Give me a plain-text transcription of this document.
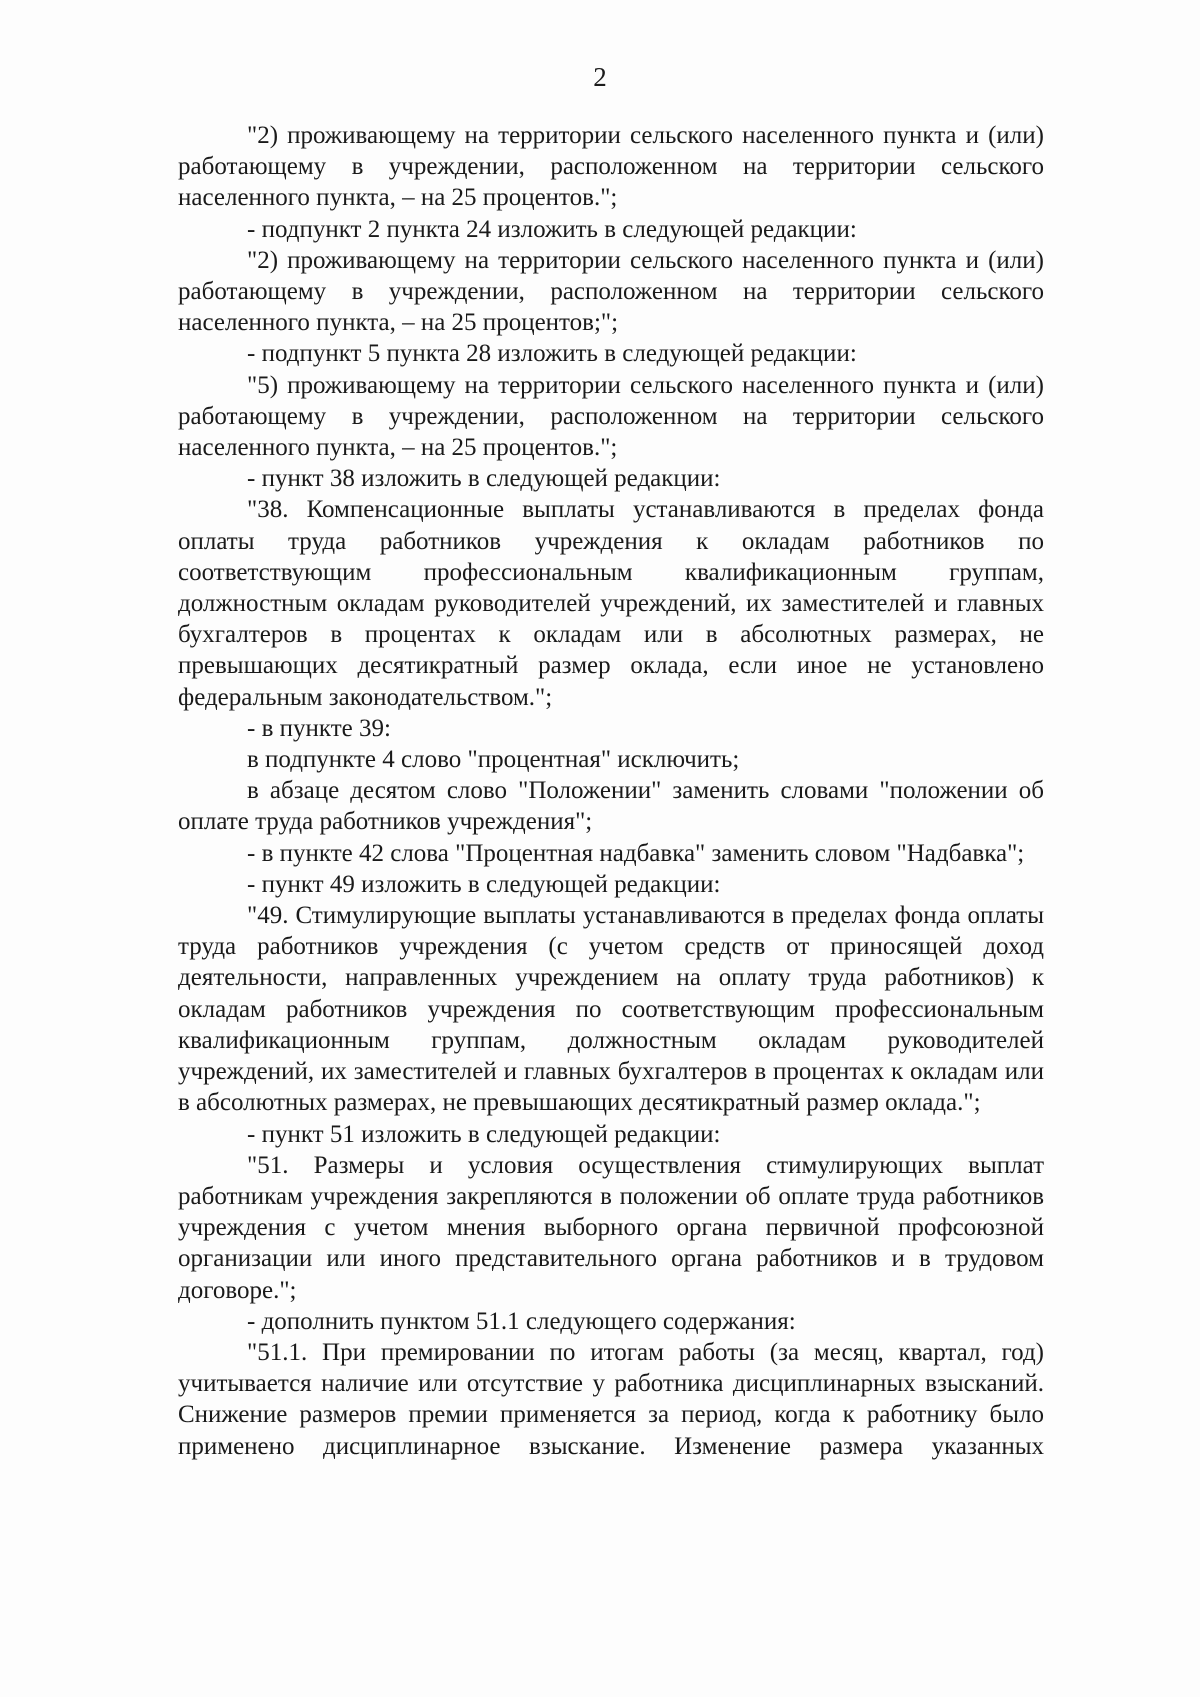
2

"2) проживающему на территории сельского населенного пункта и (или) работающему в учреждении, расположенном на территории сельского населенного пункта, – на 25 процентов.";

- подпункт 2 пункта 24 изложить в следующей редакции:

"2) проживающему на территории сельского населенного пункта и (или) работающему в учреждении, расположенном на территории сельского населенного пункта, – на 25 процентов;";

- подпункт 5 пункта 28 изложить в следующей редакции:

"5) проживающему на территории сельского населенного пункта и (или) работающему в учреждении, расположенном на территории сельского населенного пункта, – на 25 процентов.";

- пункт 38 изложить в следующей редакции:

"38. Компенсационные выплаты устанавливаются в пределах фонда оплаты труда работников учреждения к окладам работников по соответствующим профессиональным квалификационным группам, должностным окладам руководителей учреждений, их заместителей и главных бухгалтеров в процентах к окладам или в абсолютных размерах, не превышающих десятикратный размер оклада, если иное не установлено федеральным законодательством.";

- в пункте 39:

в подпункте 4 слово "процентная" исключить;

в абзаце десятом слово "Положении" заменить словами "положении об оплате труда работников учреждения";

- в пункте 42 слова "Процентная надбавка" заменить словом "Надбавка";

- пункт 49 изложить в следующей редакции:

"49. Стимулирующие выплаты устанавливаются в пределах фонда оплаты труда работников учреждения (с учетом средств от приносящей доход деятельности, направленных учреждением на оплату труда работников) к окладам работников учреждения по соответствующим профессиональным квалификационным группам, должностным окладам руководителей учреждений, их заместителей и главных бухгалтеров в процентах к окладам или в абсолютных размерах, не превышающих десятикратный размер оклада.";

- пункт 51 изложить в следующей редакции:

"51. Размеры и условия осуществления стимулирующих выплат работникам учреждения закрепляются в положении об оплате труда работников учреждения с учетом мнения выборного органа первичной профсоюзной организации или иного представительного органа работников и в трудовом договоре.";

- дополнить пунктом 51.1 следующего содержания:

"51.1. При премировании по итогам работы (за месяц, квартал, год) учитывается наличие или отсутствие у работника дисциплинарных взысканий. Снижение размеров премии применяется за период, когда к работнику было применено дисциплинарное взыскание. Изменение размера указанных
